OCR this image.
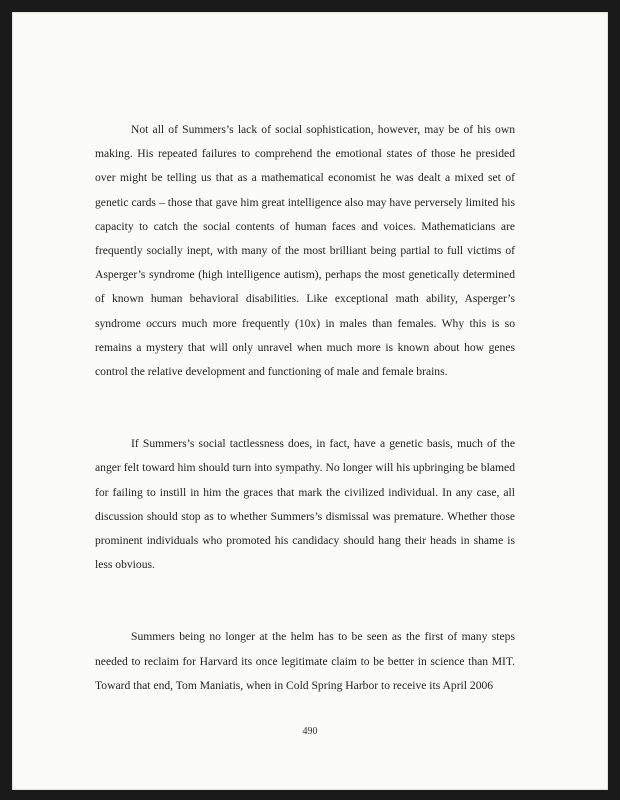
Not all of Summers’s lack of social sophistication, however, may be of his own making. His repeated failures to comprehend the emotional states of those he presided over might be telling us that as a mathematical economist he was dealt a mixed set of genetic cards – those that gave him great intelligence also may have perversely limited his capacity to catch the social contents of human faces and voices. Mathematicians are frequently socially inept, with many of the most brilliant being partial to full victims of Asperger’s syndrome (high intelligence autism), perhaps the most genetically determined of known human behavioral disabilities. Like exceptional math ability, Asperger’s syndrome occurs much more frequently (10x) in males than females. Why this is so remains a mystery that will only unravel when much more is known about how genes control the relative development and functioning of male and female brains.

If Summers’s social tactlessness does, in fact, have a genetic basis, much of the anger felt toward him should turn into sympathy. No longer will his upbringing be blamed for failing to instill in him the graces that mark the civilized individual. In any case, all discussion should stop as to whether Summers’s dismissal was premature. Whether those prominent individuals who promoted his candidacy should hang their heads in shame is less obvious.

Summers being no longer at the helm has to be seen as the first of many steps needed to reclaim for Harvard its once legitimate claim to be better in science than MIT. Toward that end, Tom Maniatis, when in Cold Spring Harbor to receive its April 2006

490
